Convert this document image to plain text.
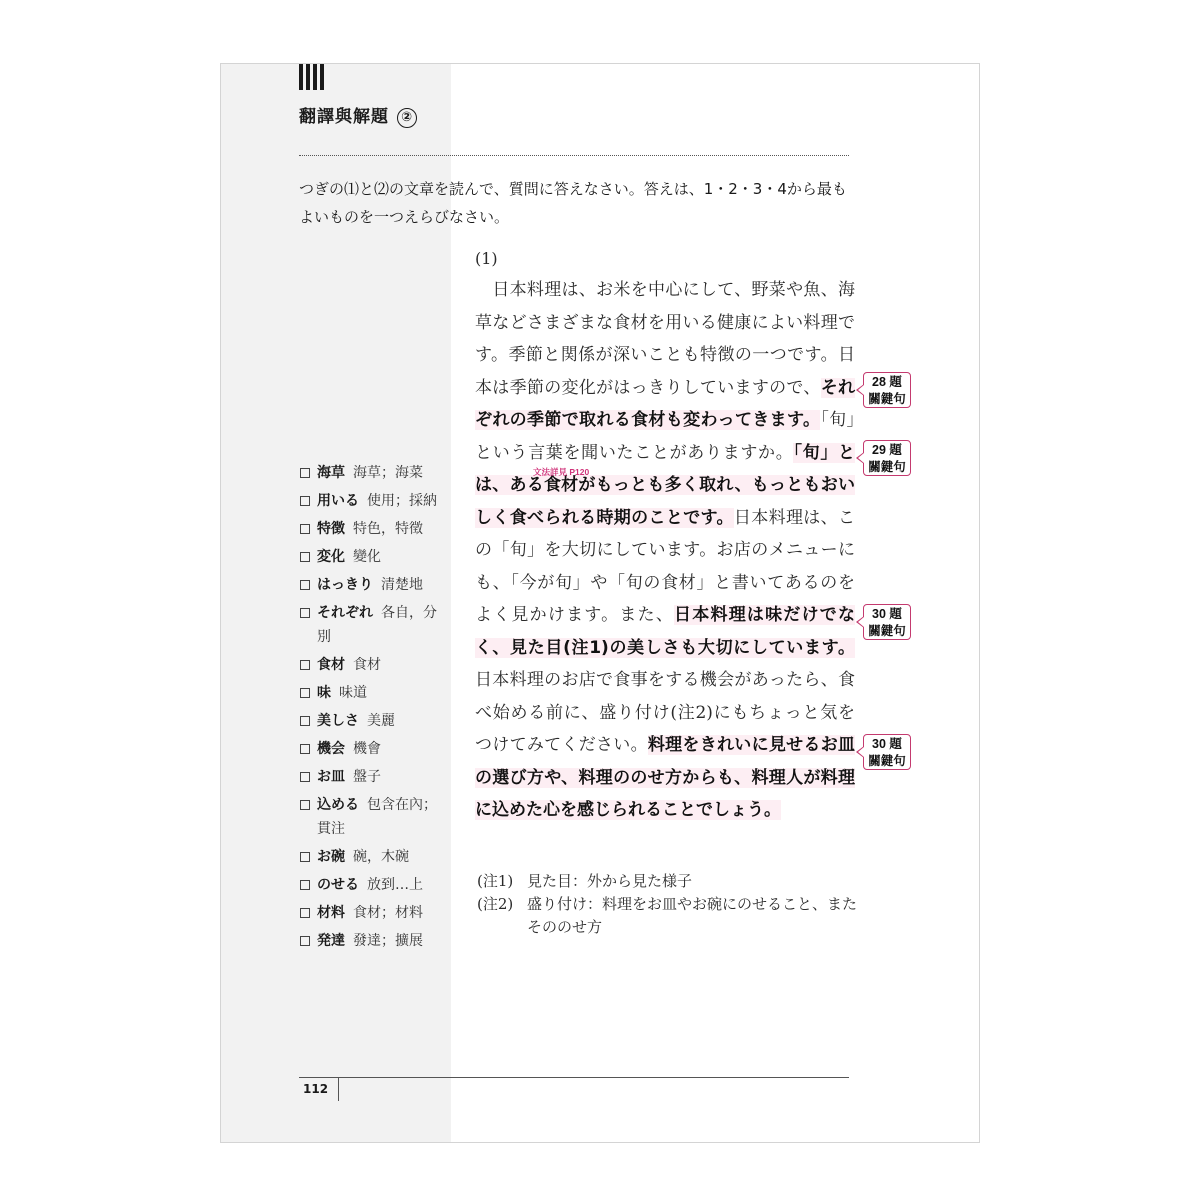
翻譯與解題 ②

つぎの⑴と⑵の文章を読んで、質問に答えなさい。答えは、1・2・3・4から最もよいものを一つえらびなさい。

海草 海草；海菜
用いる 使用；採納
特徴 特色，特徵
変化 變化
はっきり 清楚地
それぞれ 各自，分別
食材 食材
味 味道
美しさ 美麗
機会 機會
お皿 盤子
込める 包含在內；貫注
お碗 碗，木碗
のせる 放到…上
材料 食材；材料
発達 發達；擴展

(1)

　日本料理は、お米を中心にして、野菜や魚、海草などさまざまな食材を用いる健康によい料理です。季節と関係が深いことも特徴の一つです。日本は季節の変化がはっきりしていますので、それぞれの季節で取れる食材も変わってきます。「旬」という言葉を聞いたことがありますか。「旬」とは、ある食材がもっとも多く取れ、もっともおいしく食べられる時期のことです。日本料理は、この「旬」を大切にしています。お店のメニューにも、「今が旬」や「旬の食材」と書いてあるのをよく見かけます。また、日本料理は味だけでなく、見た目(注1)の美しさも大切にしています。日本料理のお店で食事をする機会があったら、食べ始める前に、盛り付け(注2)にもちょっと気をつけてみてください。料理をきれいに見せるお皿の選び方や、料理ののせ方からも、料理人が料理に込めた心を感じられることでしょう。

文法詳見 P120
28 題
關鍵句
29 題
關鍵句
30 題
關鍵句
30 題
關鍵句
(注1) 見た目：外から見た様子
(注2) 盛り付け：料理をお皿やお碗にのせること、またそののせ方
112
